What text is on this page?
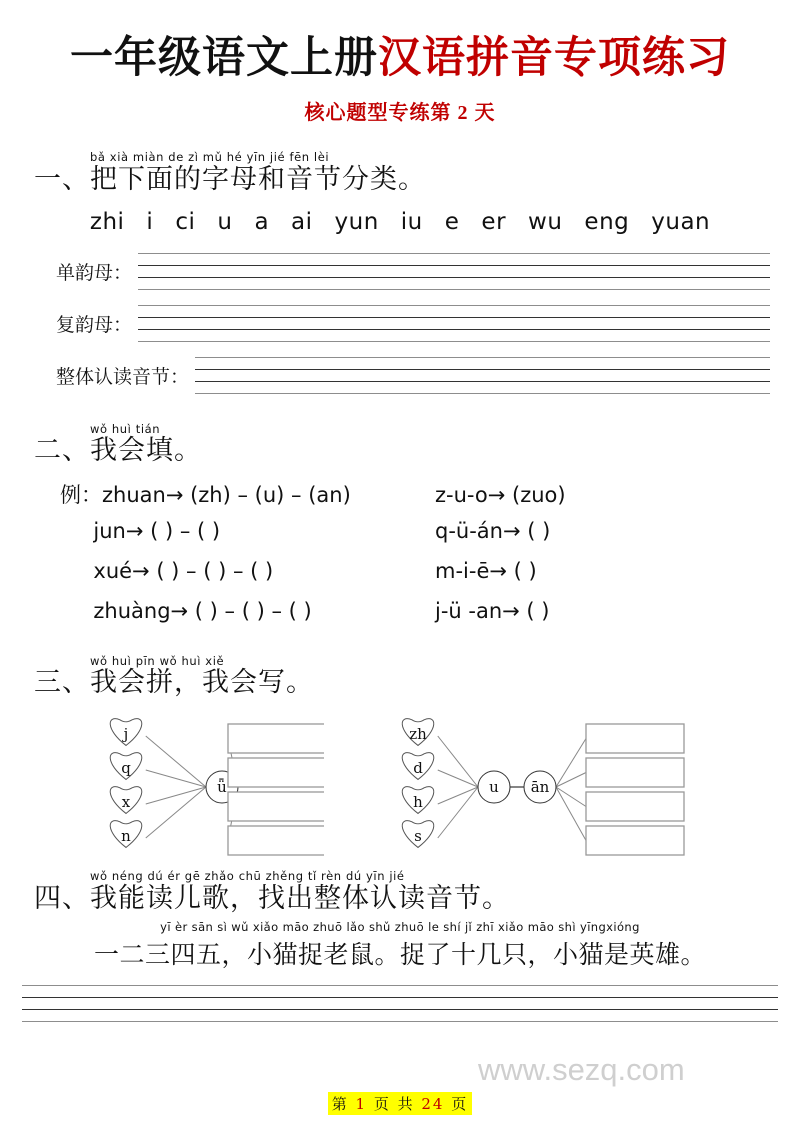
一年级语文上册汉语拼音专项练习
核心题型专练第 2 天
bǎ xià miàn de zì mǔ hé yīn jié fēn lèi
一、把下面的字母和音节分类。
zhi i ci u a ai yun iu e er wu eng yuan
单韵母：
复韵母：
整体认读音节：
wǒ huì tián
二、我会填。
例：zhuan→ (zh) – (u) – (an)	z-u-o→ (zuo)
jun→ ( ) – ( )	q-ü-án→ ( )
xué→ ( ) – ( ) – ( )	m-i-ē→ ( )
zhuàng→ ( ) – ( ) – ( )	j-ü -an→ ( )
wǒ huì pīn wǒ huì xiě
三、我会拼，我会写。
j
q
x
n
ǖ
zh
d
h
s
u ān
wǒ néng dú ér gē zhǎo chū zhěng tǐ rèn dú yīn jié
四、我能读儿歌，找出整体认读音节。
yī èr sān sì wǔ xiǎo māo zhuō lǎo shǔ zhuō le shí jǐ zhī xiǎo māo shì yīngxióng
一二三四五，小猫捉老鼠。捉了十几只，小猫是英雄。
www.sezq.com
第 1 页 共 24 页
